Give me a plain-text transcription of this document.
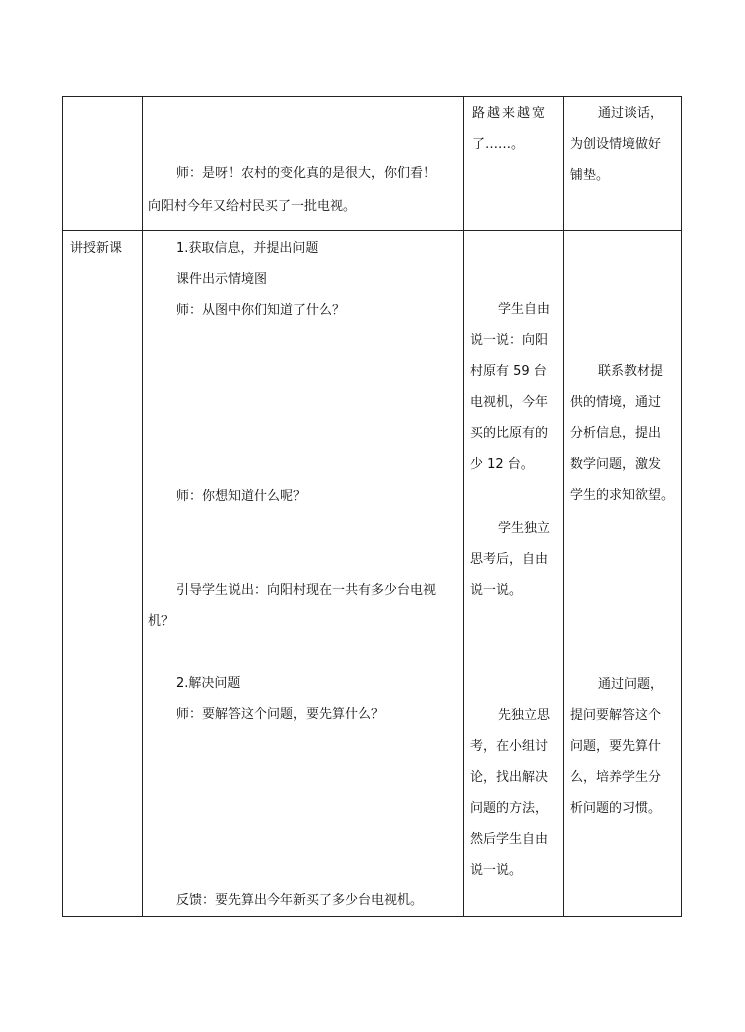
师：是呀！农村的变化真的是很大，你们看！
向阳村今年又给村民买了一批电视。
路越来越宽
了……。
通过谈话，
为创设情境做好
铺垫。
讲授新课	1.获取信息，并提出问题
课件出示情境图
师：从图中你们知道了什么？
师：你想知道什么呢？
引导学生说出：向阳村现在一共有多少台电视
机？
2.解决问题
师：要解答这个问题，要先算什么？
反馈：要先算出今年新买了多少台电视机。
学生自由
说一说：向阳
村原有 59 台
电视机，今年
买的比原有的
少 12 台。
学生独立
思考后，自由
说一说。
先独立思
考，在小组讨
论，找出解决
问题的方法，
然后学生自由
说一说。
联系教材提
供的情境，通过
分析信息，提出
数学问题，激发
学生的求知欲望。
通过问题，
提问要解答这个
问题，要先算什
么，培养学生分
析问题的习惯。
